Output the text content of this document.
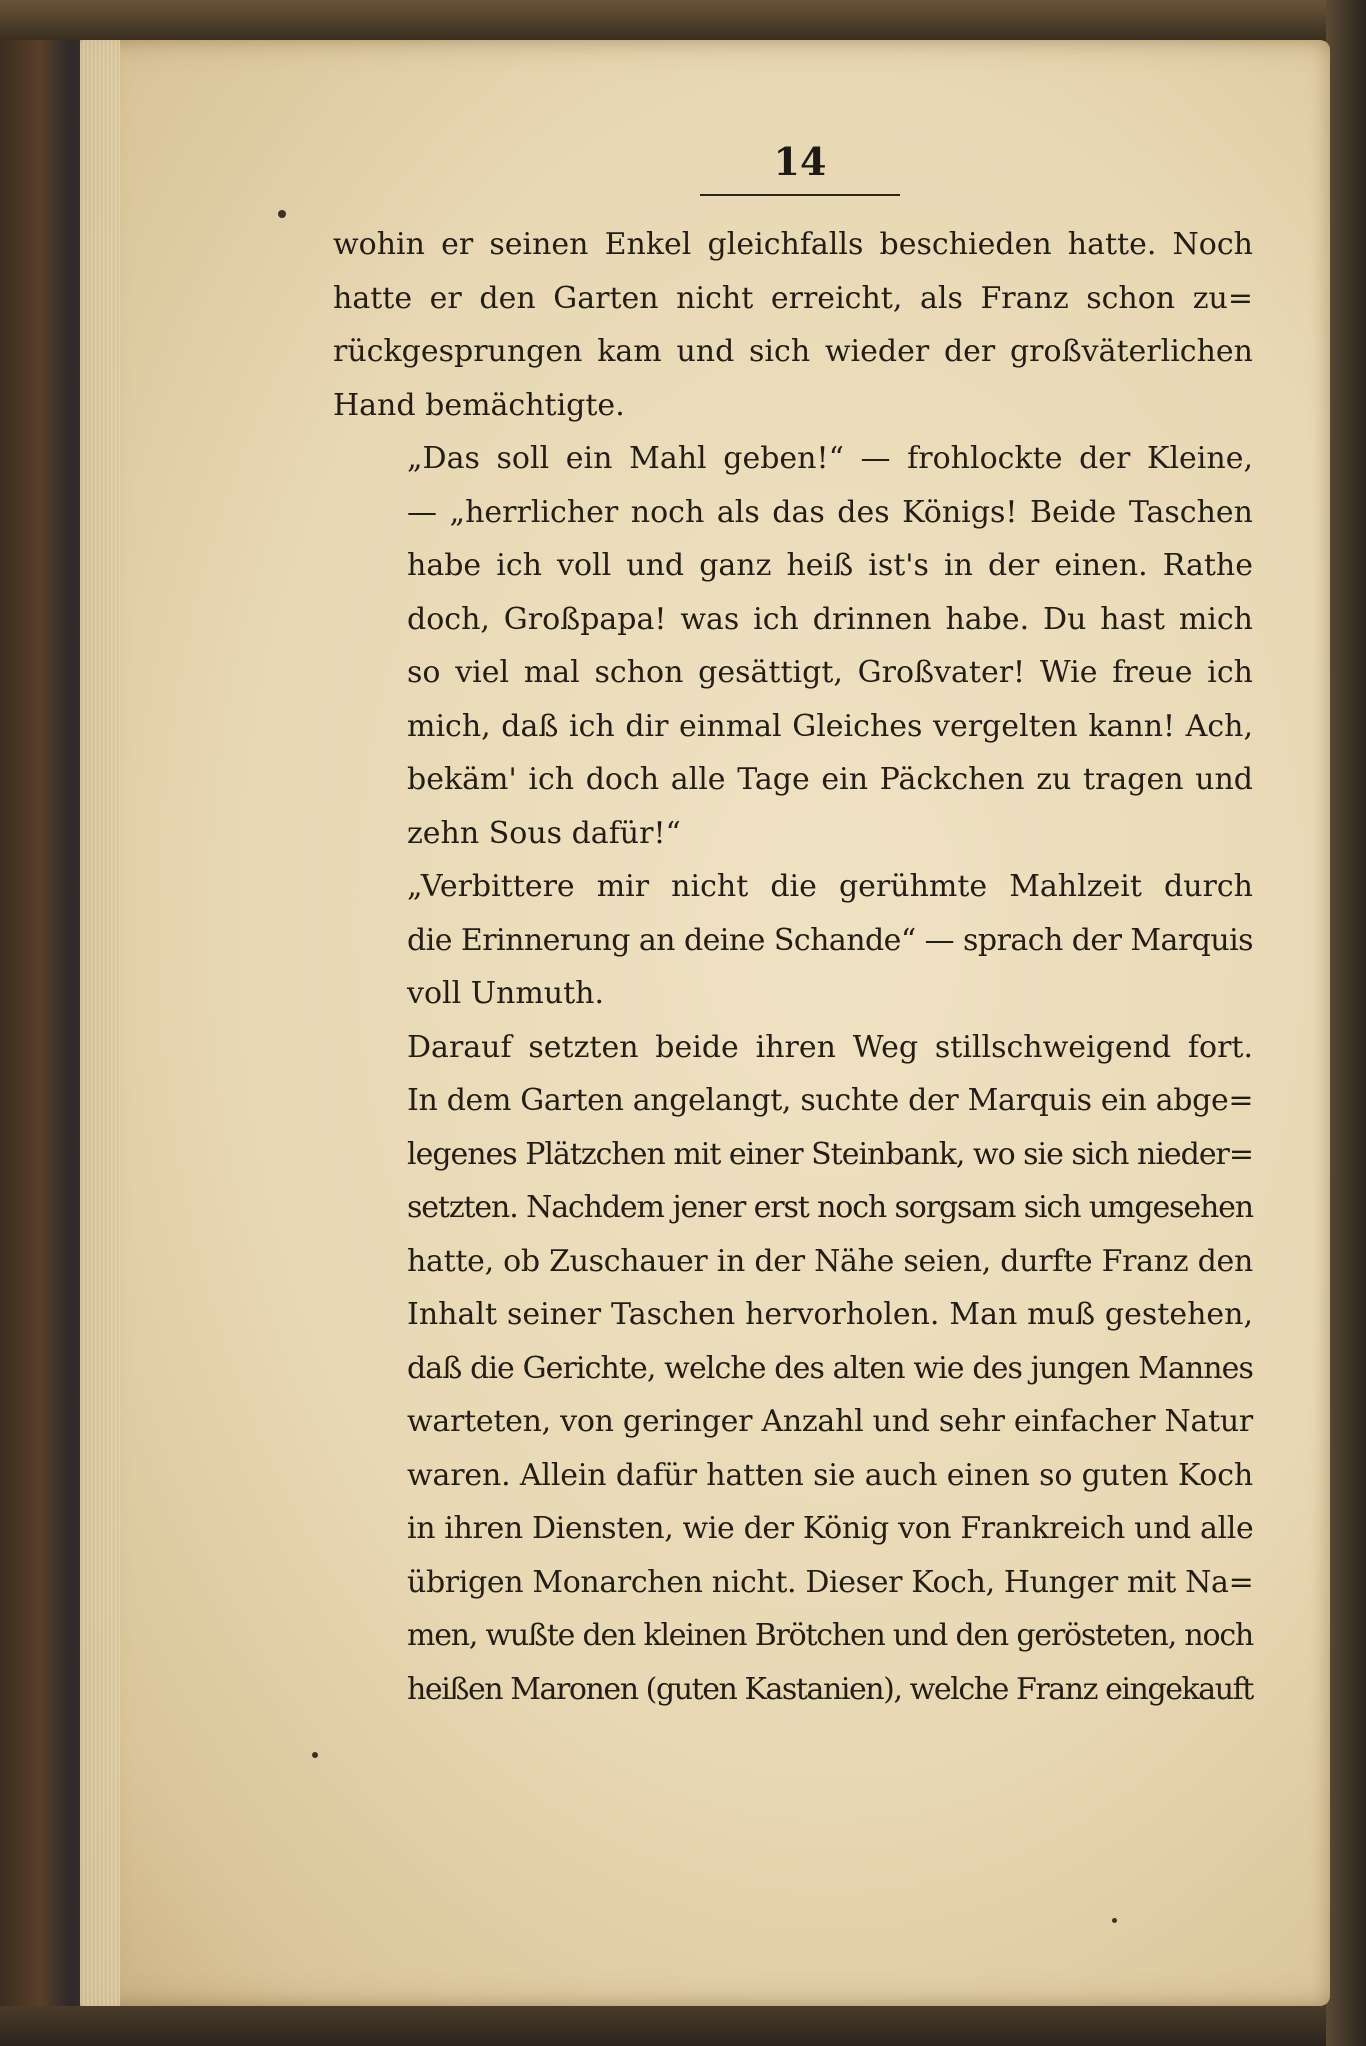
14
wohin er seinen Enkel gleichfalls beschieden hatte. Noch
hatte er den Garten nicht erreicht, als Franz schon zu=
rückgesprungen kam und sich wieder der großväterlichen
Hand bemächtigte.
„Das soll ein Mahl geben!“ — frohlockte der Kleine,
— „herrlicher noch als das des Königs! Beide Taschen
habe ich voll und ganz heiß ist's in der einen. Rathe
doch, Großpapa! was ich drinnen habe. Du hast mich
so viel mal schon gesättigt, Großvater! Wie freue ich
mich, daß ich dir einmal Gleiches vergelten kann! Ach,
bekäm' ich doch alle Tage ein Päckchen zu tragen und
zehn Sous dafür!“
„Verbittere mir nicht die gerühmte Mahlzeit durch
die Erinnerung an deine Schande“ — sprach der Marquis
voll Unmuth.
Darauf setzten beide ihren Weg stillschweigend fort.
In dem Garten angelangt, suchte der Marquis ein abge=
legenes Plätzchen mit einer Steinbank, wo sie sich nieder=
setzten. Nachdem jener erst noch sorgsam sich umgesehen
hatte, ob Zuschauer in der Nähe seien, durfte Franz den
Inhalt seiner Taschen hervorholen. Man muß gestehen,
daß die Gerichte, welche des alten wie des jungen Mannes
warteten, von geringer Anzahl und sehr einfacher Natur
waren. Allein dafür hatten sie auch einen so guten Koch
in ihren Diensten, wie der König von Frankreich und alle
übrigen Monarchen nicht. Dieser Koch, Hunger mit Na=
men, wußte den kleinen Brötchen und den gerösteten, noch
heißen Maronen (guten Kastanien), welche Franz eingekauft
